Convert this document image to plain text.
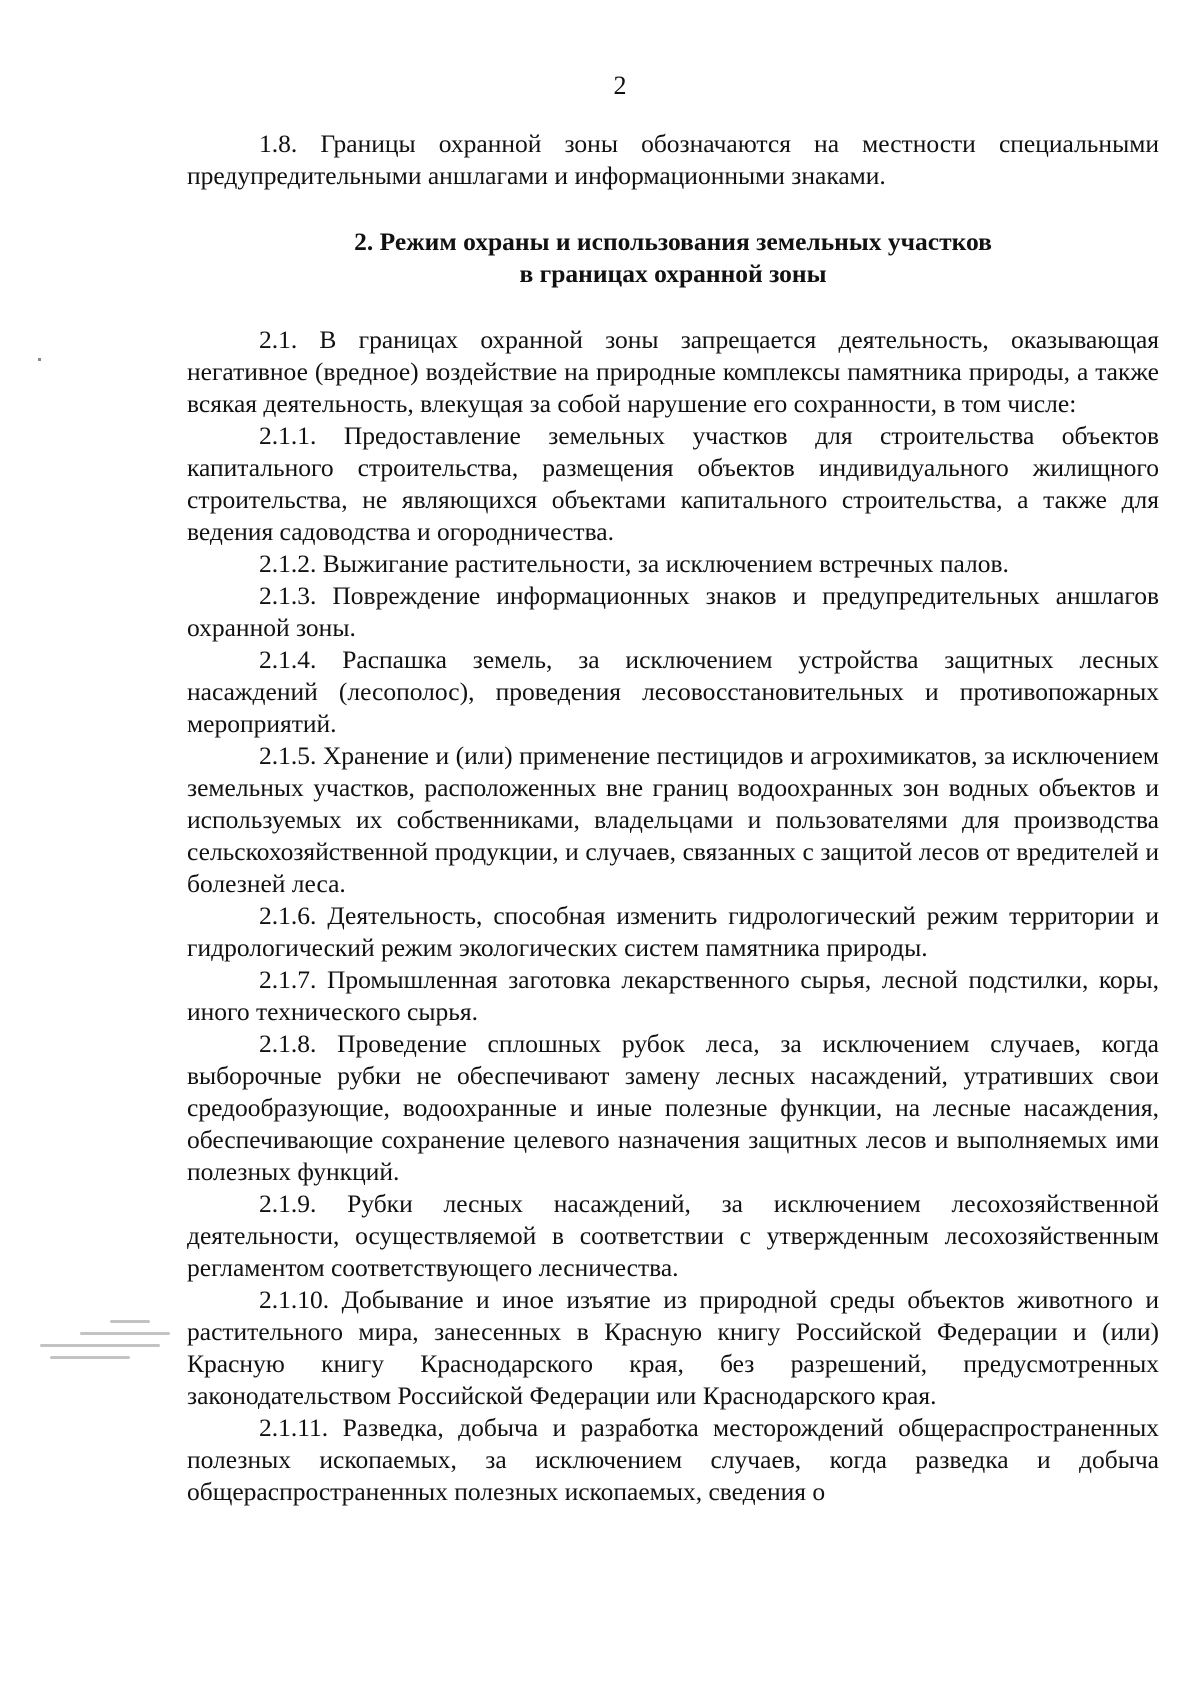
2

1.8. Границы охранной зоны обозначаются на местности специальными предупредительными аншлагами и информационными знаками.

2. Режим охраны и использования земельных участков
в границах охранной зоны

2.1. В границах охранной зоны запрещается деятельность, оказывающая негативное (вредное) воздействие на природные комплексы памятника природы, а также всякая деятельность, влекущая за собой нарушение его сохранности, в том числе:

2.1.1. Предоставление земельных участков для строительства объектов капитального строительства, размещения объектов индивидуального жилищного строительства, не являющихся объектами капитального строительства, а также для ведения садоводства и огородничества.

2.1.2. Выжигание растительности, за исключением встречных палов.

2.1.3. Повреждение информационных знаков и предупредительных аншлагов охранной зоны.

2.1.4. Распашка земель, за исключением устройства защитных лесных насаждений (лесополос), проведения лесовосстановительных и противопожарных мероприятий.

2.1.5. Хранение и (или) применение пестицидов и агрохимикатов, за исключением земельных участков, расположенных вне границ водоохранных зон водных объектов и используемых их собственниками, владельцами и пользователями для производства сельскохозяйственной продукции, и случаев, связанных с защитой лесов от вредителей и болезней леса.

2.1.6. Деятельность, способная изменить гидрологический режим территории и гидрологический режим экологических систем памятника природы.

2.1.7. Промышленная заготовка лекарственного сырья, лесной подстилки, коры, иного технического сырья.

2.1.8. Проведение сплошных рубок леса, за исключением случаев, когда выборочные рубки не обеспечивают замену лесных насаждений, утративших свои средообразующие, водоохранные и иные полезные функции, на лесные насаждения, обеспечивающие сохранение целевого назначения защитных лесов и выполняемых ими полезных функций.

2.1.9. Рубки лесных насаждений, за исключением лесохозяйственной деятельности, осуществляемой в соответствии с утвержденным лесохозяйственным регламентом соответствующего лесничества.

2.1.10. Добывание и иное изъятие из природной среды объектов животного и растительного мира, занесенных в Красную книгу Российской Федерации и (или) Красную книгу Краснодарского края, без разрешений, предусмотренных законодательством Российской Федерации или Краснодарского края.

2.1.11. Разведка, добыча и разработка месторождений общераспространенных полезных ископаемых, за исключением случаев, когда разведка и добыча общераспространенных полезных ископаемых, сведения о
